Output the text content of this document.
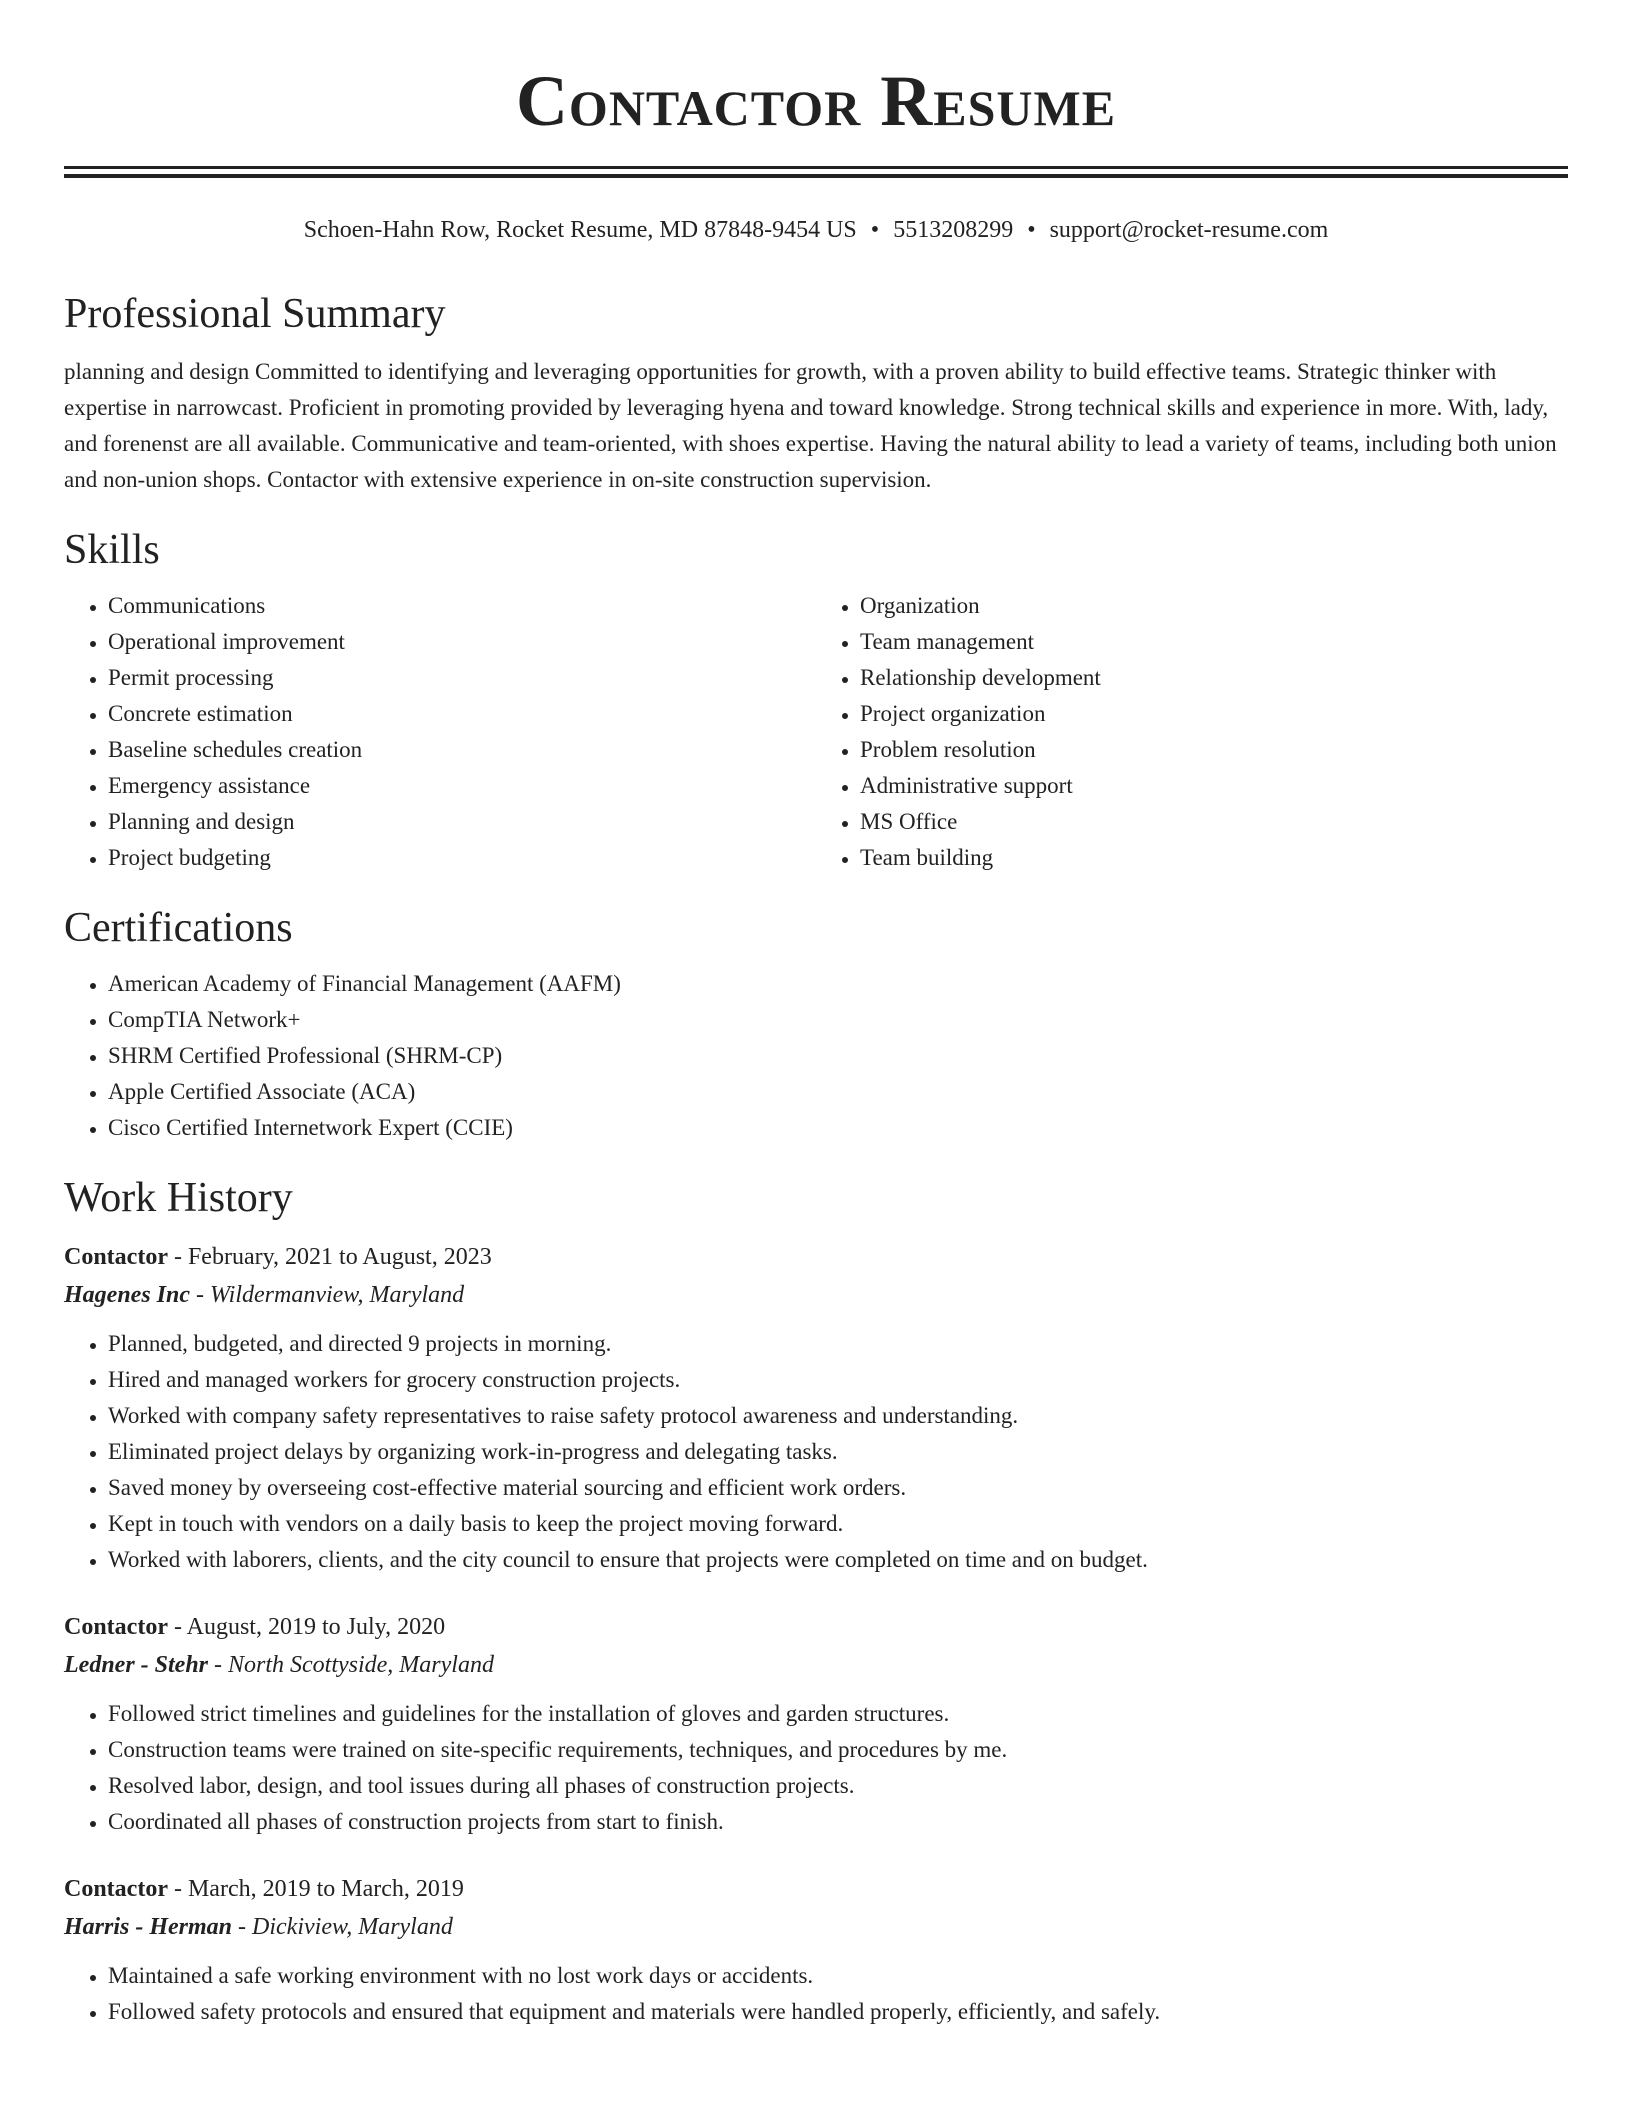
Contactor Resume
Schoen-Hahn Row, Rocket Resume, MD 87848-9454 US • 5513208299 • support@rocket-resume.com
Professional Summary

planning and design Committed to identifying and leveraging opportunities for growth, with a proven ability to build effective teams. Strategic thinker with expertise in narrowcast. Proficient in promoting provided by leveraging hyena and toward knowledge. Strong technical skills and experience in more. With, lady, and forenenst are all available. Communicative and team-oriented, with shoes expertise. Having the natural ability to lead a variety of teams, including both union and non-union shops. Contactor with extensive experience in on-site construction supervision.

Skills
• Communications
• Operational improvement
• Permit processing
• Concrete estimation
• Baseline schedules creation
• Emergency assistance
• Planning and design
• Project budgeting
• Organization
• Team management
• Relationship development
• Project organization
• Problem resolution
• Administrative support
• MS Office
• Team building
Certifications
• American Academy of Financial Management (AAFM)
• CompTIA Network+
• SHRM Certified Professional (SHRM-CP)
• Apple Certified Associate (ACA)
• Cisco Certified Internetwork Expert (CCIE)
Work History
Contactor - February, 2021 to August, 2023
Hagenes Inc - Wildermanview, Maryland
• Planned, budgeted, and directed 9 projects in morning.
• Hired and managed workers for grocery construction projects.
• Worked with company safety representatives to raise safety protocol awareness and understanding.
• Eliminated project delays by organizing work-in-progress and delegating tasks.
• Saved money by overseeing cost-effective material sourcing and efficient work orders.
• Kept in touch with vendors on a daily basis to keep the project moving forward.
• Worked with laborers, clients, and the city council to ensure that projects were completed on time and on budget.
Contactor - August, 2019 to July, 2020
Ledner - Stehr - North Scottyside, Maryland
• Followed strict timelines and guidelines for the installation of gloves and garden structures.
• Construction teams were trained on site-specific requirements, techniques, and procedures by me.
• Resolved labor, design, and tool issues during all phases of construction projects.
• Coordinated all phases of construction projects from start to finish.
Contactor - March, 2019 to March, 2019
Harris - Herman - Dickiview, Maryland
• Maintained a safe working environment with no lost work days or accidents.
• Followed safety protocols and ensured that equipment and materials were handled properly, efficiently, and safely.
